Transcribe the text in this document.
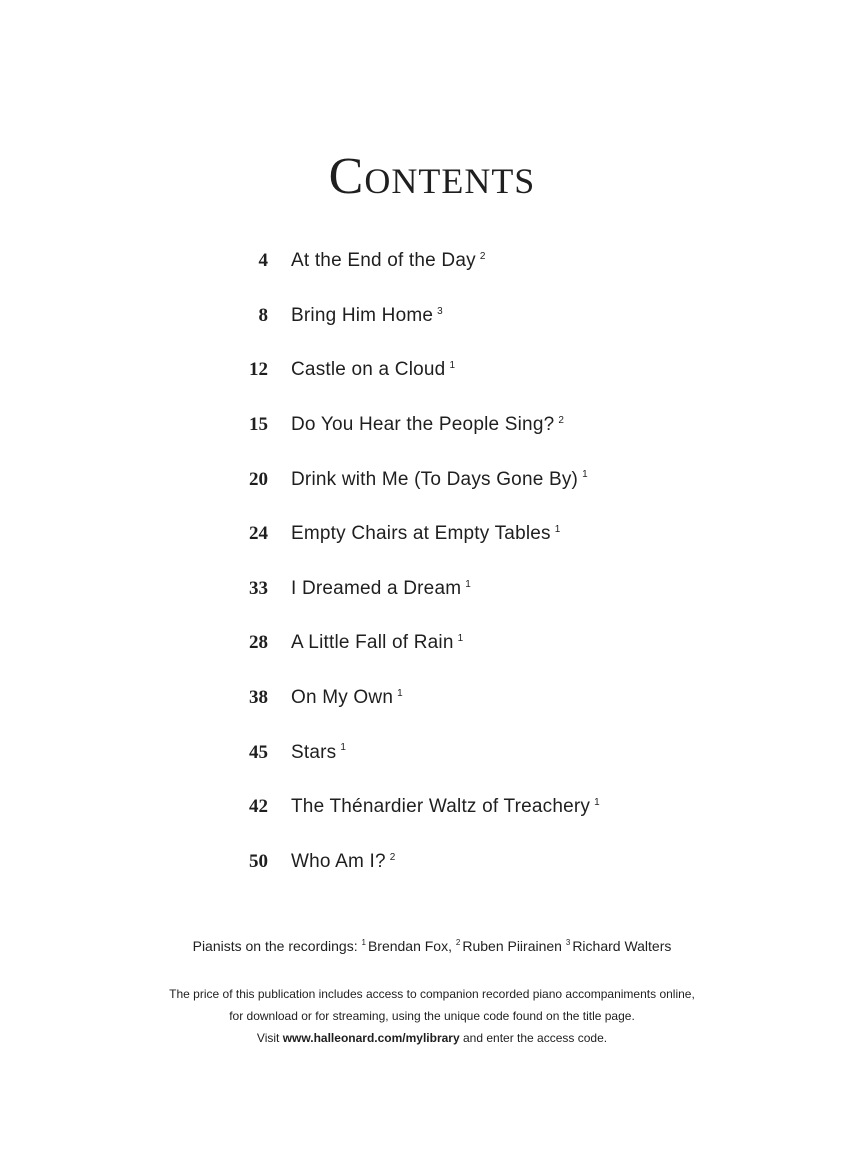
Contents
4 At the End of the Day $^2$
8 Bring Him Home $^3$
12 Castle on a Cloud $^1$
15 Do You Hear the People Sing? $^2$
20 Drink with Me (To Days Gone By) $^1$
24 Empty Chairs at Empty Tables $^1$
33 I Dreamed a Dream $^1$
28 A Little Fall of Rain $^1$
38 On My Own $^1$
45 Stars $^1$
42 The Thénardier Waltz of Treachery $^1$
50 Who Am I? $^2$
Pianists on the recordings: $^1$ Brendan Fox, $^2$ Ruben Piirainen $^3$ Richard Walters
The price of this publication includes access to companion recorded piano accompaniments online,
for download or for streaming, using the unique code found on the title page.
Visit www.halleonard.com/mylibrary and enter the access code.
